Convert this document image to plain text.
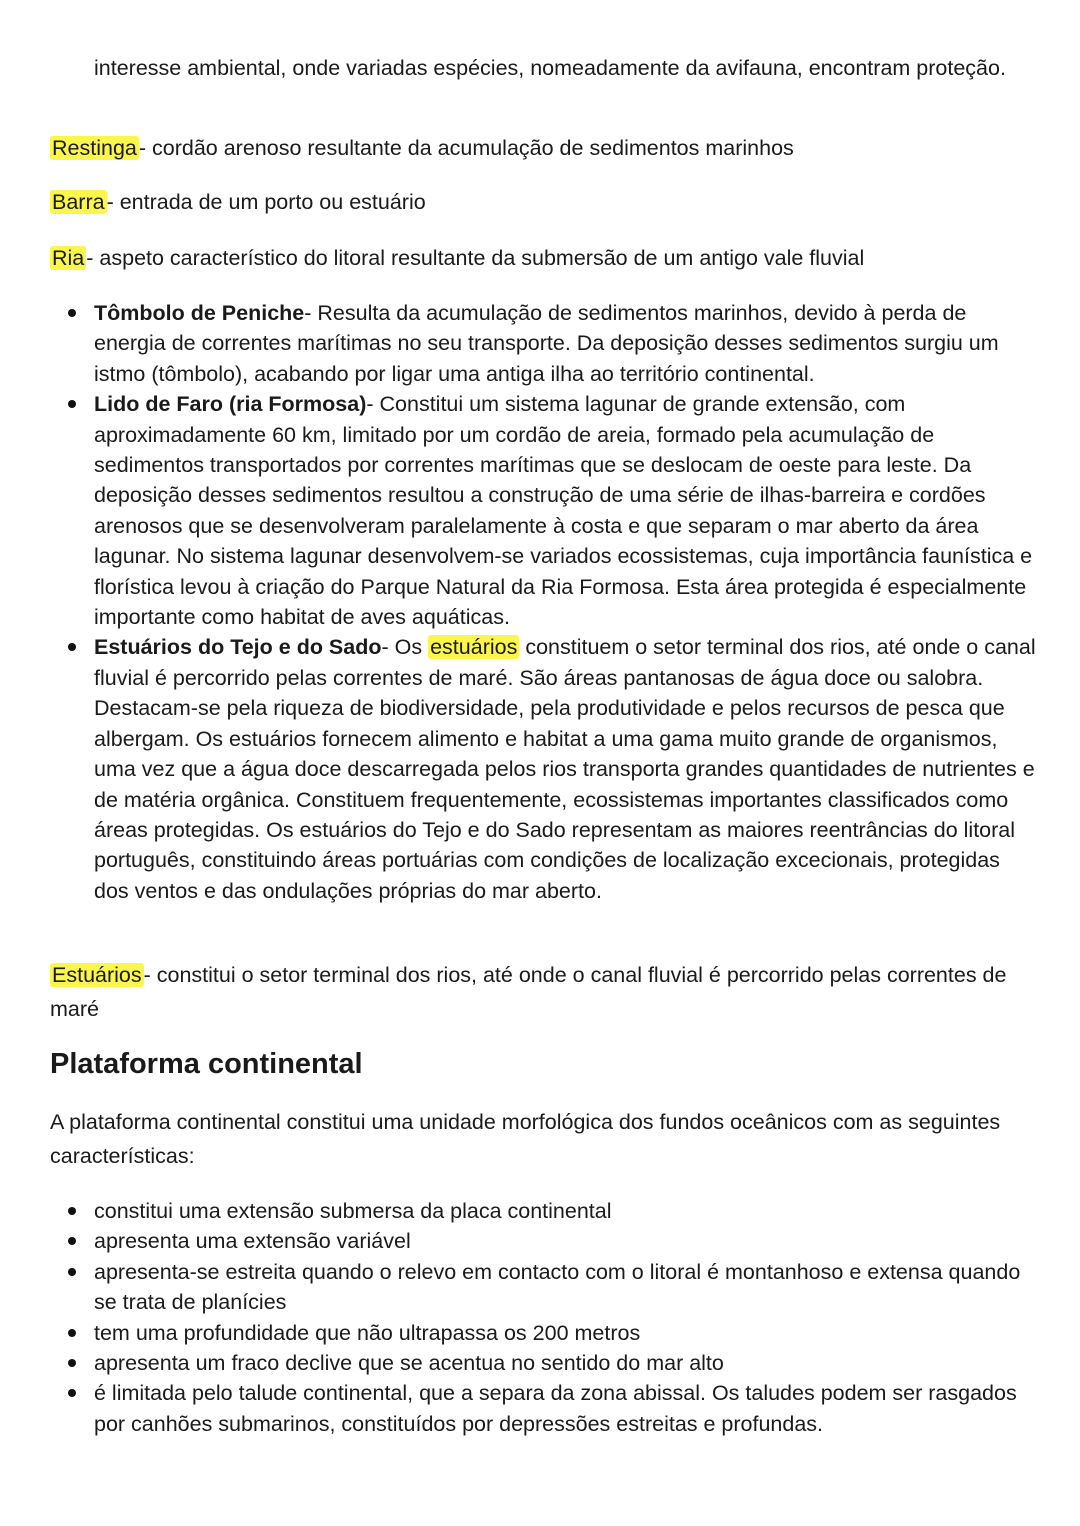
interesse ambiental, onde variadas espécies, nomeadamente da avifauna, encontram proteção.

Restinga- cordão arenoso resultante da acumulação de sedimentos marinhos

Barra- entrada de um porto ou estuário

Ria- aspeto característico do litoral resultante da submersão de um antigo vale fluvial

Tômbolo de Peniche- Resulta da acumulação de sedimentos marinhos, devido à perda de energia de correntes marítimas no seu transporte. Da deposição desses sedimentos surgiu um istmo (tômbolo), acabando por ligar uma antiga ilha ao território continental.
Lido de Faro (ria Formosa)- Constitui um sistema lagunar de grande extensão, com aproximadamente 60 km, limitado por um cordão de areia, formado pela acumulação de sedimentos transportados por correntes marítimas que se deslocam de oeste para leste. Da deposição desses sedimentos resultou a construção de uma série de ilhas-barreira e cordões arenosos que se desenvolveram paralelamente à costa e que separam o mar aberto da área lagunar. No sistema lagunar desenvolvem-se variados ecossistemas, cuja importância faunística e florística levou à criação do Parque Natural da Ria Formosa. Esta área protegida é especialmente importante como habitat de aves aquáticas.
Estuários do Tejo e do Sado- Os estuários constituem o setor terminal dos rios, até onde o canal fluvial é percorrido pelas correntes de maré. São áreas pantanosas de água doce ou salobra. Destacam-se pela riqueza de biodiversidade, pela produtividade e pelos recursos de pesca que albergam. Os estuários fornecem alimento e habitat a uma gama muito grande de organismos, uma vez que a água doce descarregada pelos rios transporta grandes quantidades de nutrientes e de matéria orgânica. Constituem frequentemente, ecossistemas importantes classificados como áreas protegidas. Os estuários do Tejo e do Sado representam as maiores reentrâncias do litoral português, constituindo áreas portuárias com condições de localização excecionais, protegidas dos ventos e das ondulações próprias do mar aberto.

Estuários- constitui o setor terminal dos rios, até onde o canal fluvial é percorrido pelas correntes de maré

Plataforma continental

A plataforma continental constitui uma unidade morfológica dos fundos oceânicos com as seguintes características:

constitui uma extensão submersa da placa continental
apresenta uma extensão variável
apresenta-se estreita quando o relevo em contacto com o litoral é montanhoso e extensa quando se trata de planícies
tem uma profundidade que não ultrapassa os 200 metros
apresenta um fraco declive que se acentua no sentido do mar alto
é limitada pelo talude continental, que a separa da zona abissal. Os taludes podem ser rasgados por canhões submarinos, constituídos por depressões estreitas e profundas.
